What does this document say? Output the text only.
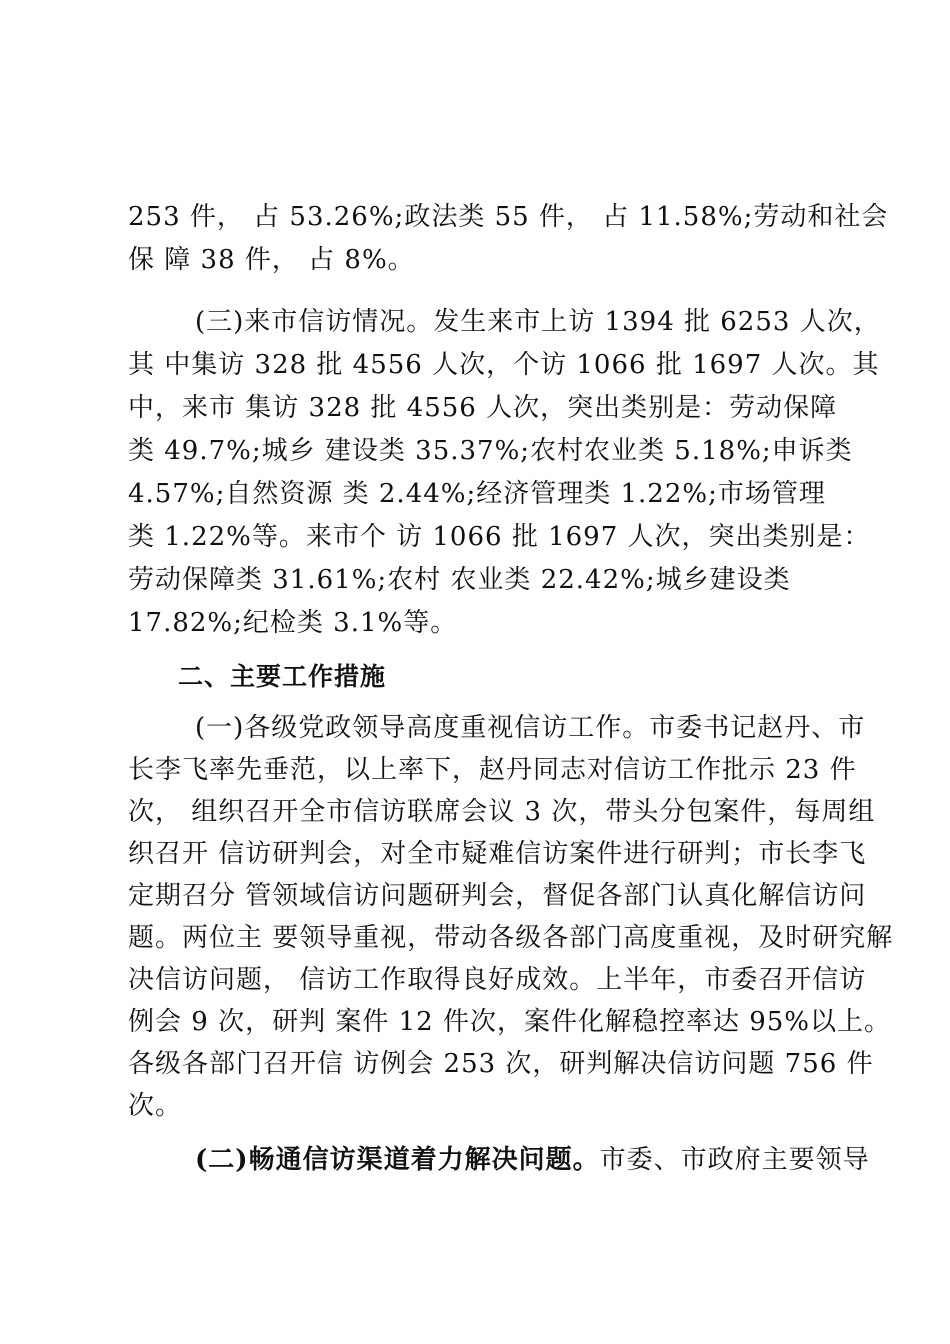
253 件， 占 53.26%;政法类 55 件， 占 11.58%;劳动和社会
保 障 38 件， 占 8%。
(三)来市信访情况。发生来市上访 1394 批 6253 人次，
其 中集访 328 批 4556 人次，个访 1066 批 1697 人次。其
中，来市 集访 328 批 4556 人次，突出类别是：劳动保障
类 49.7%;城乡 建设类 35.37%;农村农业类 5.18%;申诉类
4.57%;自然资源 类 2.44%;经济管理类 1.22%;市场管理
类 1.22%等。来市个 访 1066 批 1697 人次，突出类别是：
劳动保障类 31.61%;农村 农业类 22.42%;城乡建设类
17.82%;纪检类 3.1%等。
二、主要工作措施
(一)各级党政领导高度重视信访工作。市委书记赵丹、市
长李飞率先垂范，以上率下，赵丹同志对信访工作批示 23 件
次， 组织召开全市信访联席会议 3 次，带头分包案件，每周组
织召开 信访研判会，对全市疑难信访案件进行研判；市长李飞
定期召分 管领域信访问题研判会，督促各部门认真化解信访问
题。两位主 要领导重视，带动各级各部门高度重视，及时研究解
决信访问题， 信访工作取得良好成效。上半年，市委召开信访
例会 9 次，研判 案件 12 件次，案件化解稳控率达 95%以上。
各级各部门召开信 访例会 253 次，研判解决信访问题 756 件
次。
(二)畅通信访渠道着力解决问题。市委、市政府主要领导
